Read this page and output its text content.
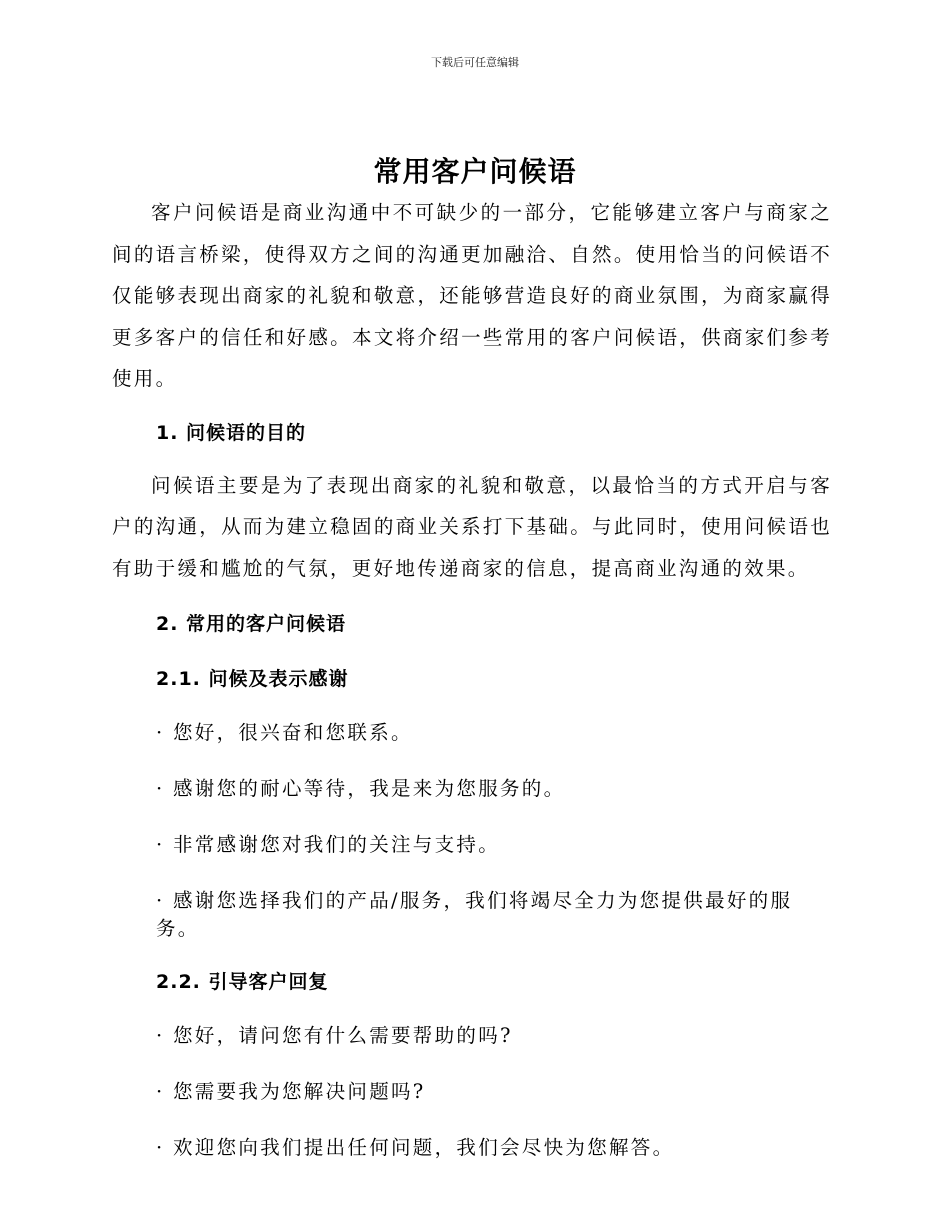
下载后可任意编辑
常用客户问候语

客户问候语是商业沟通中不可缺少的一部分，它能够建立客户与商家之间的语言桥梁，使得双方之间的沟通更加融洽、自然。使用恰当的问候语不仅能够表现出商家的礼貌和敬意，还能够营造良好的商业氛围，为商家赢得更多客户的信任和好感。本文将介绍一些常用的客户问候语，供商家们参考使用。

1. 问候语的目的

问候语主要是为了表现出商家的礼貌和敬意，以最恰当的方式开启与客户的沟通，从而为建立稳固的商业关系打下基础。与此同时，使用问候语也有助于缓和尴尬的气氛，更好地传递商家的信息，提高商业沟通的效果。

2. 常用的客户问候语
2.1. 问候及表示感谢

· 您好，很兴奋和您联系。

· 感谢您的耐心等待，我是来为您服务的。

· 非常感谢您对我们的关注与支持。

· 感谢您选择我们的产品/服务，我们将竭尽全力为您提供最好的服务。

2.2. 引导客户回复

· 您好，请问您有什么需要帮助的吗?

· 您需要我为您解决问题吗?

· 欢迎您向我们提出任何问题，我们会尽快为您解答。
